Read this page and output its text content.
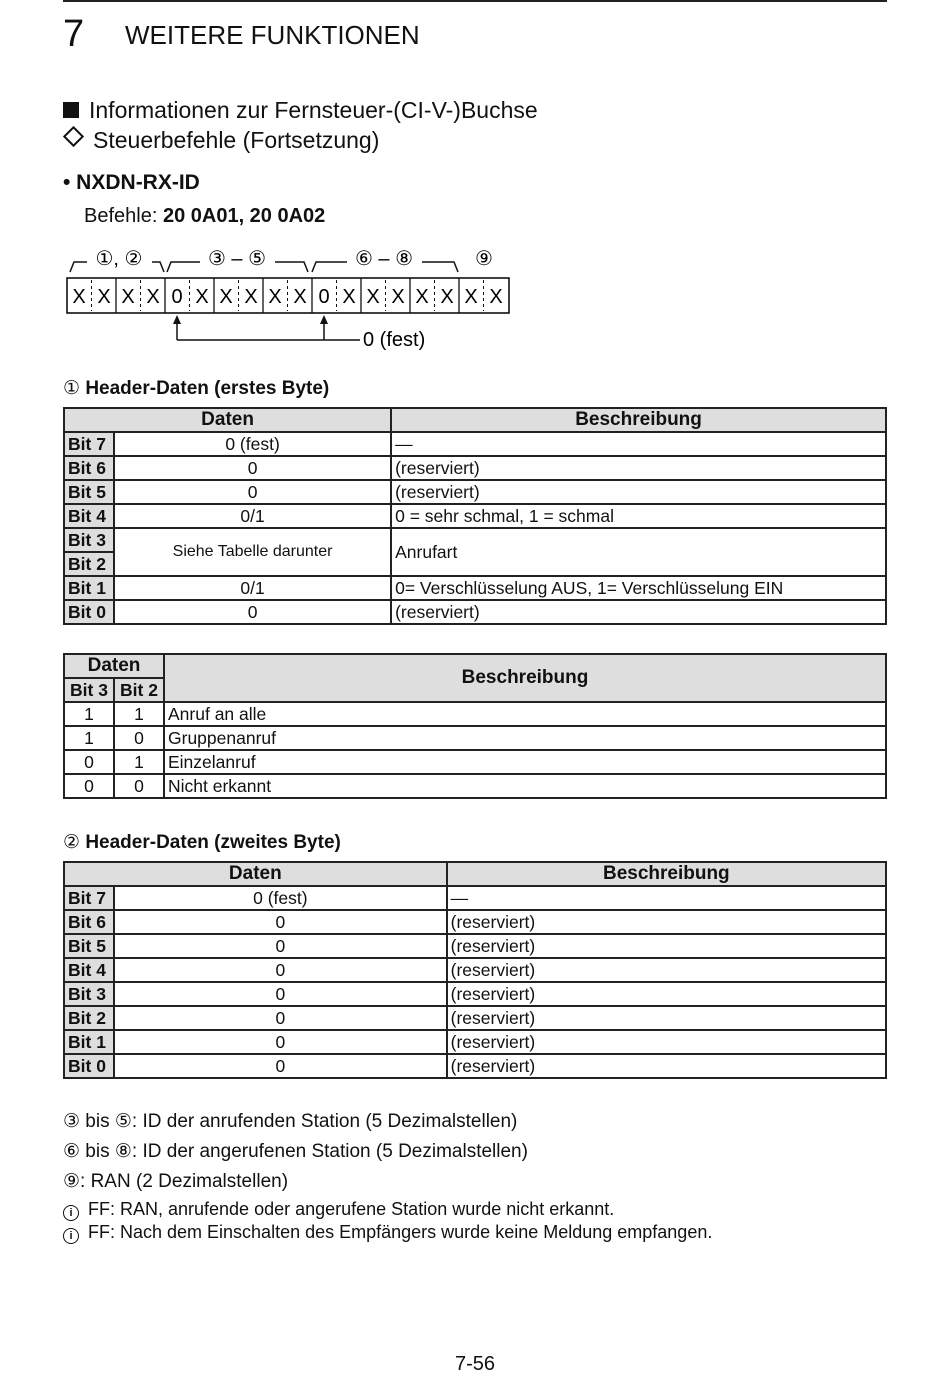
7 WEITERE FUNKTIONEN
Informationen zur Fernsteuer-(CI-V-)Buchse
Steuerbefehle (Fortsetzung)
• NXDN-RX-ID
Befehle: 20 0A01, 20 0A02
①, ②	③ – ⑤	⑥ – ⑧	⑨
X X X X 0 X X X X X 0 X X X X X X X
0 (fest)
① Header-Daten (erstes Byte)
Daten		Beschreibung
Bit 7	0 (fest)	—
Bit 6	0	(reserviert)
Bit 5	0	(reserviert)
Bit 4	0/1	0 = sehr schmal, 1 = schmal
Bit 3	Siehe Tabelle darunter	Anrufart
Bit 2		
Bit 1	0/1	0= Verschlüsselung AUS, 1= Verschlüsselung EIN
Bit 0	0	(reserviert)
Daten		Beschreibung
Bit 3	Bit 2	
1	1	Anruf an alle
1	0	Gruppenanruf
0	1	Einzelanruf
0	0	Nicht erkannt
② Header-Daten (zweites Byte)
Daten		Beschreibung
Bit 7	0 (fest)	—
Bit 6	0	(reserviert)
Bit 5	0	(reserviert)
Bit 4	0	(reserviert)
Bit 3	0	(reserviert)
Bit 2	0	(reserviert)
Bit 1	0	(reserviert)
Bit 0	0	(reserviert)
③ bis ⑤: ID der anrufenden Station (5 Dezimalstellen)
⑥ bis ⑧: ID der angerufenen Station (5 Dezimalstellen)
⑨: RAN (2 Dezimalstellen)
i FF: RAN, anrufende oder angerufene Station wurde nicht erkannt.
i FF: Nach dem Einschalten des Empfängers wurde keine Meldung empfangen.
7-56
